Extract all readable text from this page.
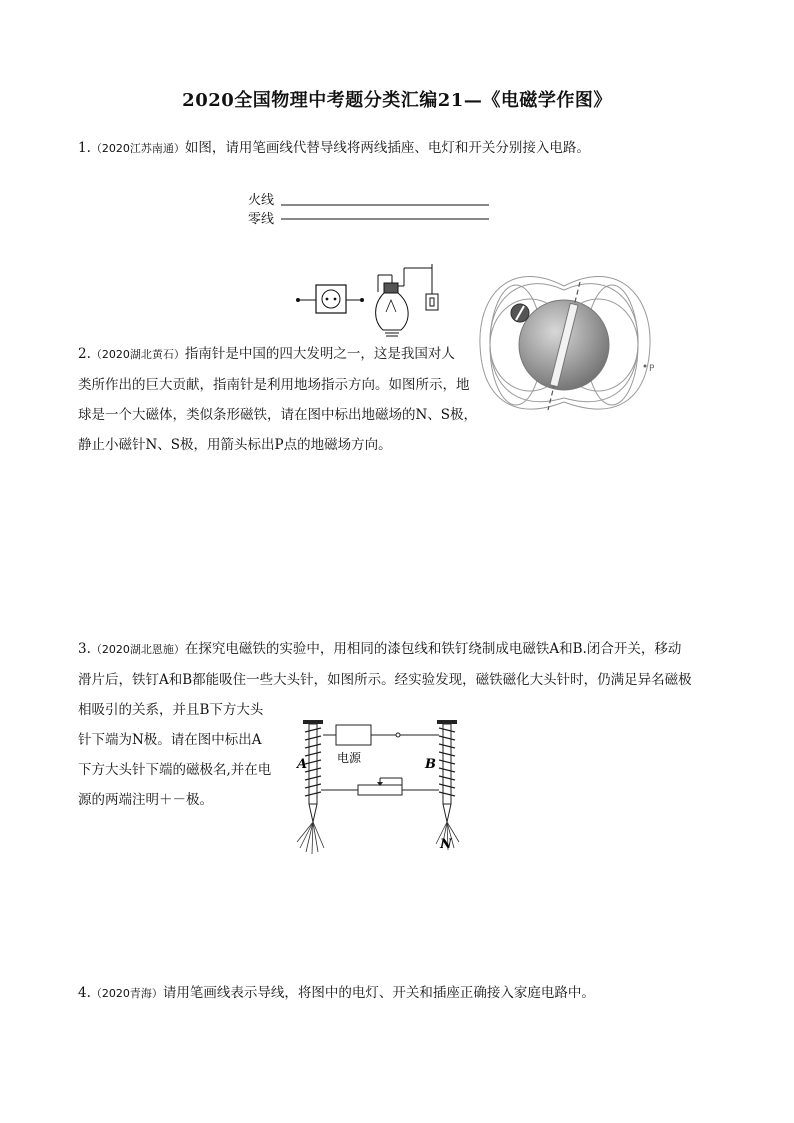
2020全国物理中考题分类汇编21—《电磁学作图》
1.（2020江苏南通）如图，请用笔画线代替导线将两线插座、电灯和开关分别接入电路。
火线
零线
2.（2020湖北黄石）指南针是中国的四大发明之一，这是我国对人
类所作出的巨大贡献，指南针是利用地场指示方向。如图所示，地
球是一个大磁体，类似条形磁铁，请在图中标出地磁场的N、S极，
静止小磁针N、S极，用箭头标出P点的地磁场方向。
P
3.（2020湖北恩施）在探究电磁铁的实验中，用相同的漆包线和铁钉绕制成电磁铁A和B.闭合开关，移动
滑片后，铁钉A和B都能吸住一些大头针，如图所示。经实验发现，磁铁磁化大头针时，仍满足异名磁极
相吸引的关系，并且B下方大头
针下端为N极。请在图中标出A
下方大头针下端的磁极名,并在电
源的两端注明＋－极。
A	B
N
电源
4.（2020青海）请用笔画线表示导线，将图中的电灯、开关和插座正确接入家庭电路中。
